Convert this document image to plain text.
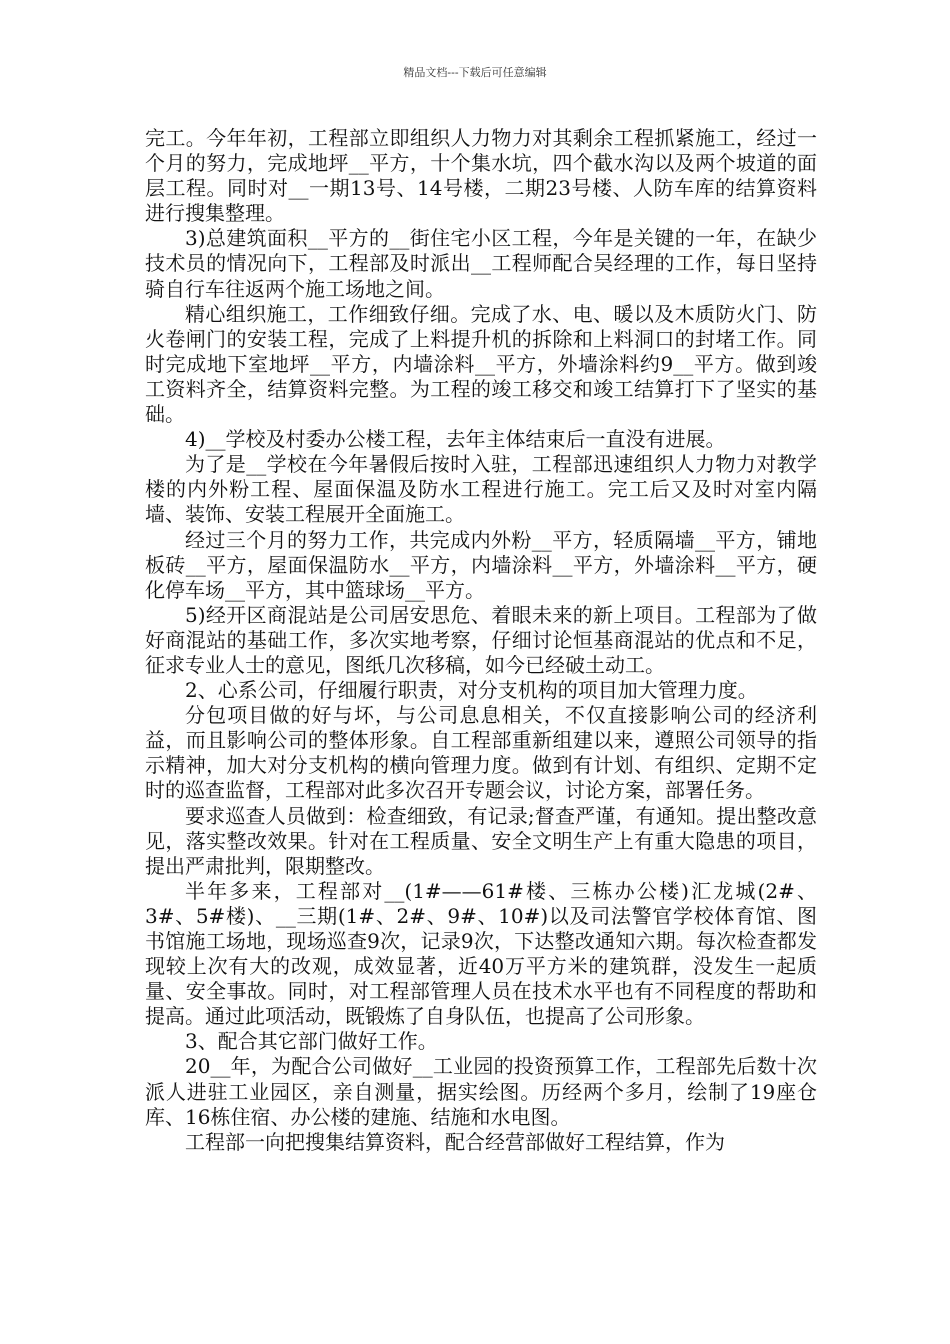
精品文档---下载后可任意编辑

完工。今年年初，工程部立即组织人力物力对其剩余工程抓紧施工，经过一个月的努力，完成地坪__平方，十个集水坑，四个截水沟以及两个坡道的面层工程。同时对__一期13号、14号楼，二期23号楼、人防车库的结算资料进行搜集整理。

3)总建筑面积__平方的__街住宅小区工程，今年是关键的一年，在缺少技术员的情况向下，工程部及时派出__工程师配合吴经理的工作，每日坚持骑自行车往返两个施工场地之间。

精心组织施工，工作细致仔细。完成了水、电、暖以及木质防火门、防火卷闸门的安装工程，完成了上料提升机的拆除和上料洞口的封堵工作。同时完成地下室地坪__平方，内墙涂料__平方，外墙涂料约9__平方。做到竣工资料齐全，结算资料完整。为工程的竣工移交和竣工结算打下了坚实的基础。

4)__学校及村委办公楼工程，去年主体结束后一直没有进展。

为了是__学校在今年暑假后按时入驻，工程部迅速组织人力物力对教学楼的内外粉工程、屋面保温及防水工程进行施工。完工后又及时对室内隔墙、装饰、安装工程展开全面施工。

经过三个月的努力工作，共完成内外粉__平方，轻质隔墙__平方，铺地板砖__平方，屋面保温防水__平方，内墙涂料__平方，外墙涂料__平方，硬化停车场__平方，其中篮球场__平方。

5)经开区商混站是公司居安思危、着眼未来的新上项目。工程部为了做好商混站的基础工作，多次实地考察，仔细讨论恒基商混站的优点和不足，征求专业人士的意见，图纸几次移稿，如今已经破土动工。

2、心系公司，仔细履行职责，对分支机构的项目加大管理力度。

分包项目做的好与坏，与公司息息相关，不仅直接影响公司的经济利益，而且影响公司的整体形象。自工程部重新组建以来，遵照公司领导的指示精神，加大对分支机构的横向管理力度。做到有计划、有组织、定期不定时的巡查监督，工程部对此多次召开专题会议，讨论方案，部署任务。

要求巡查人员做到：检查细致，有记录;督查严谨，有通知。提出整改意见，落实整改效果。针对在工程质量、安全文明生产上有重大隐患的项目，提出严肃批判，限期整改。

半年多来，工程部对__(1#——61#楼、三栋办公楼)汇龙城(2#、3#、5#楼)、__三期(1#、2#、9#、10#)以及司法警官学校体育馆、图书馆施工场地，现场巡查9次，记录9次，下达整改通知六期。每次检查都发现较上次有大的改观，成效显著，近40万平方米的建筑群，没发生一起质量、安全事故。同时，对工程部管理人员在技术水平也有不同程度的帮助和提高。通过此项活动，既锻炼了自身队伍，也提高了公司形象。

3、配合其它部门做好工作。

20__年，为配合公司做好__工业园的投资预算工作，工程部先后数十次派人进驻工业园区，亲自测量，据实绘图。历经两个多月，绘制了19座仓库、16栋住宿、办公楼的建施、结施和水电图。

工程部一向把搜集结算资料，配合经营部做好工程结算，作为
